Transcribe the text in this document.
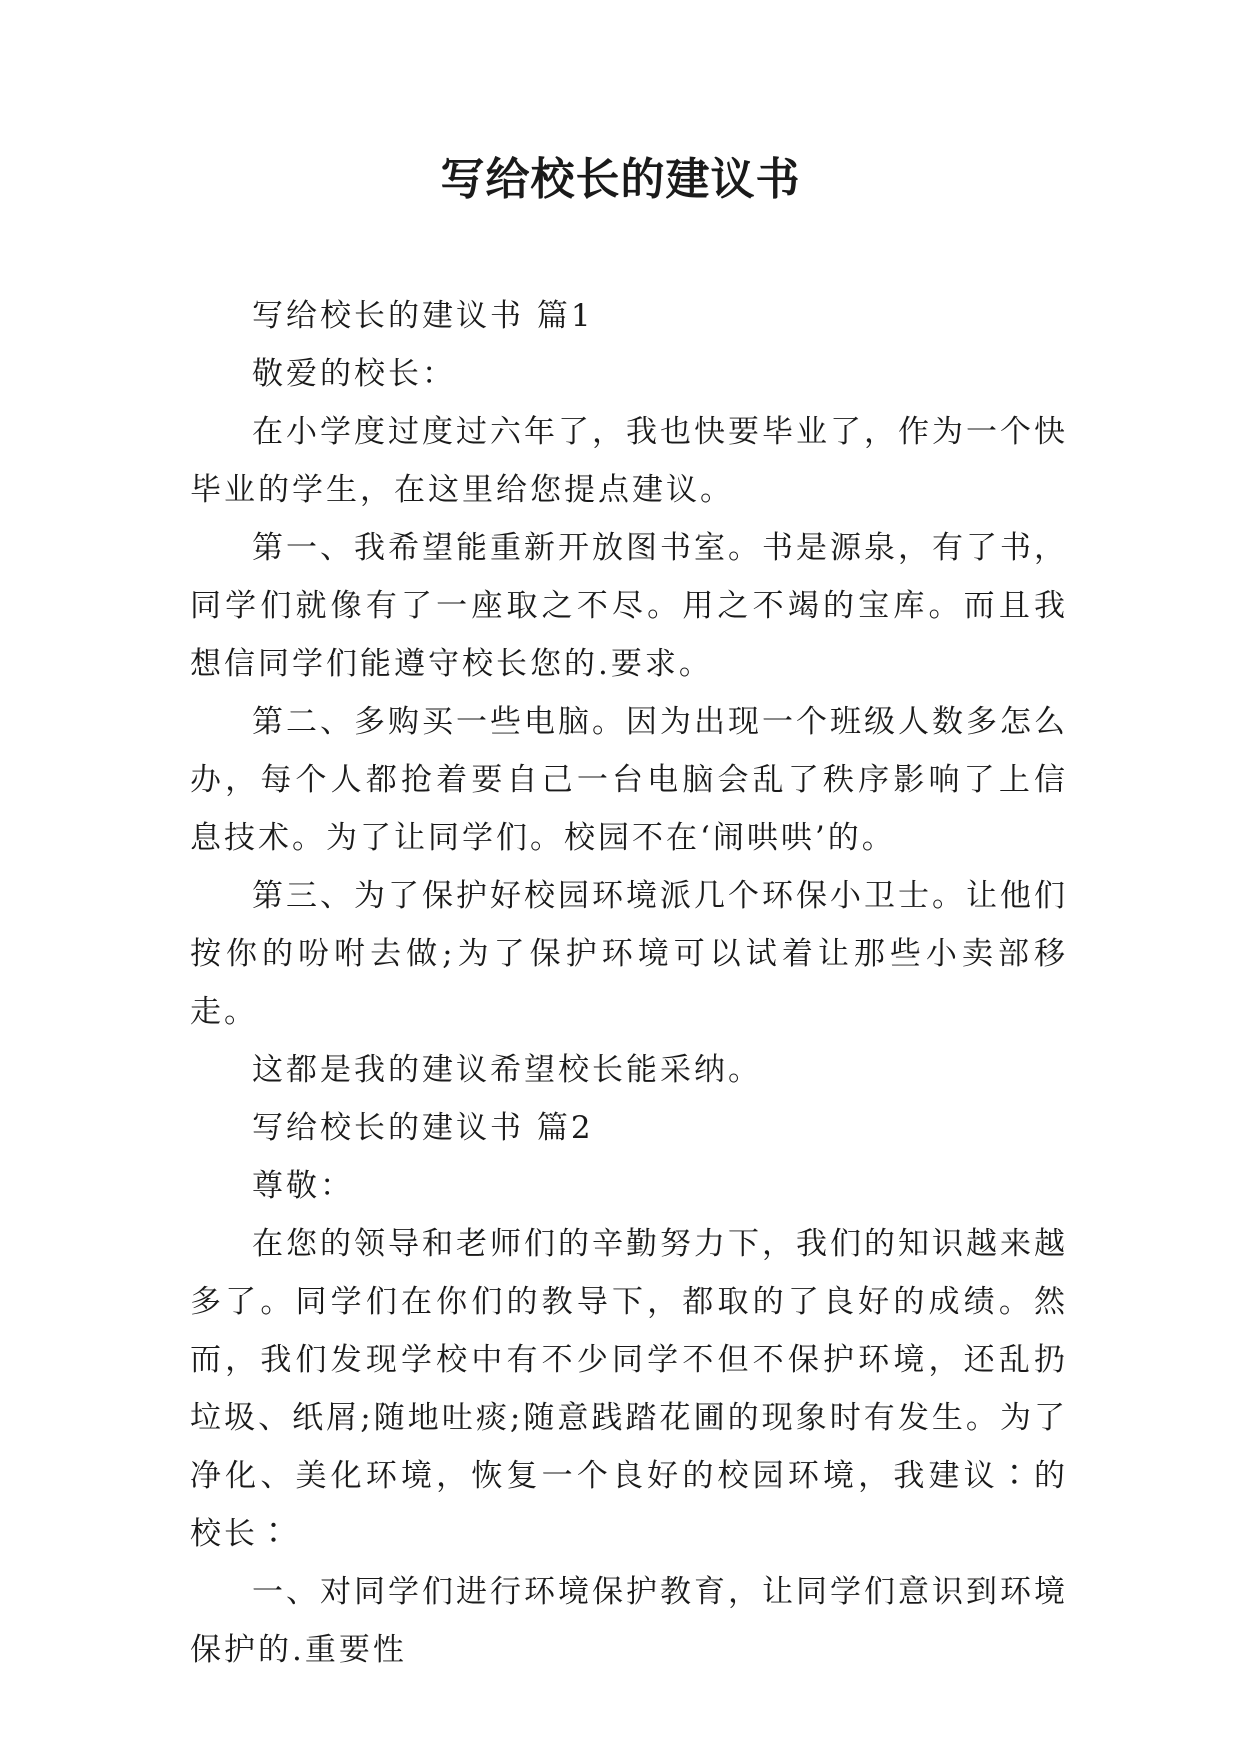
写给校长的建议书

写给校长的建议书 篇1

敬爱的校长：

在小学度过度过六年了，我也快要毕业了，作为一个快毕业的学生，在这里给您提点建议。

第一、我希望能重新开放图书室。书是源泉，有了书，同学们就像有了一座取之不尽。用之不竭的宝库。而且我想信同学们能遵守校长您的.要求。

第二、多购买一些电脑。因为出现一个班级人数多怎么办，每个人都抢着要自己一台电脑会乱了秩序影响了上信息技术。为了让同学们。校园不在‘闹哄哄’的。

第三、为了保护好校园环境派几个环保小卫士。让他们按你的吩咐去做;为了保护环境可以试着让那些小卖部移走。

这都是我的建议希望校长能采纳。

写给校长的建议书 篇2

尊敬：

在您的领导和老师们的辛勤努力下，我们的知识越来越多了。同学们在你们的教导下，都取的了良好的成绩。然而，我们发现学校中有不少同学不但不保护环境，还乱扔垃圾、纸屑;随地吐痰;随意践踏花圃的现象时有发生。为了净化、美化环境，恢复一个良好的校园环境，我建议∶的校长∶

一、对同学们进行环境保护教育，让同学们意识到环境保护的.重要性
